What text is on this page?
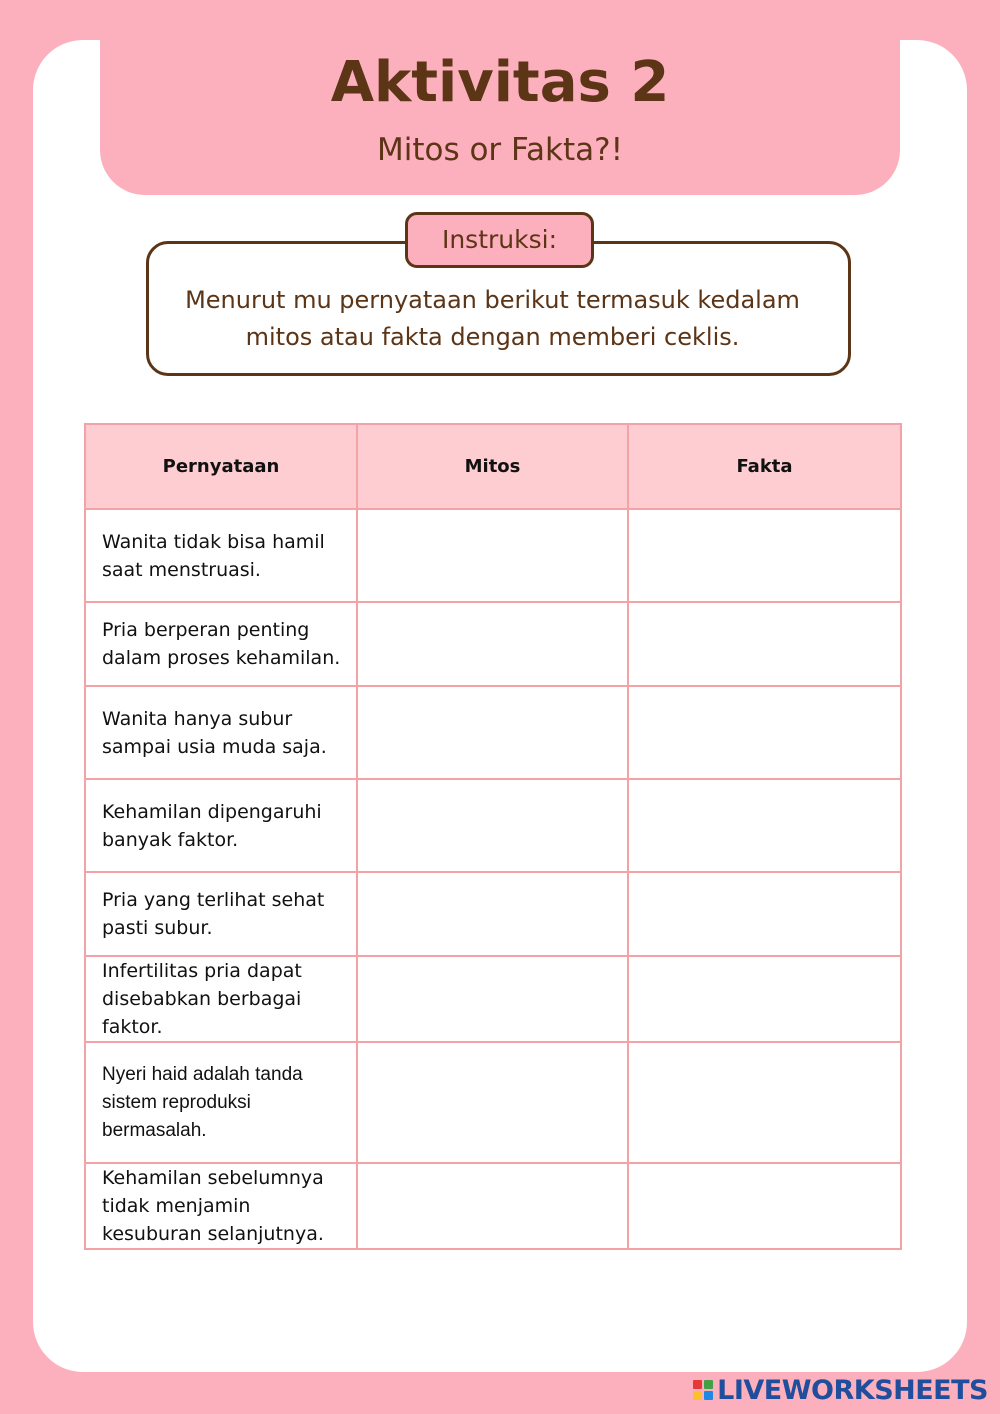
Aktivitas 2
Mitos or Fakta?!
Instruksi:
Menurut mu pernyataan berikut termasuk kedalam mitos atau fakta dengan memberi ceklis.
Pernyataan	Mitos	Fakta
Wanita tidak bisa hamil saat menstruasi.		
Pria berperan penting dalam proses kehamilan.		
Wanita hanya subur sampai usia muda saja.		
Kehamilan dipengaruhi banyak faktor.		
Pria yang terlihat sehat pasti subur.		
Infertilitas pria dapat disebabkan berbagai faktor.		
Nyeri haid adalah tanda sistem reproduksi bermasalah.		
Kehamilan sebelumnya tidak menjamin kesuburan selanjutnya.		
LIVEWORKSHEETS
